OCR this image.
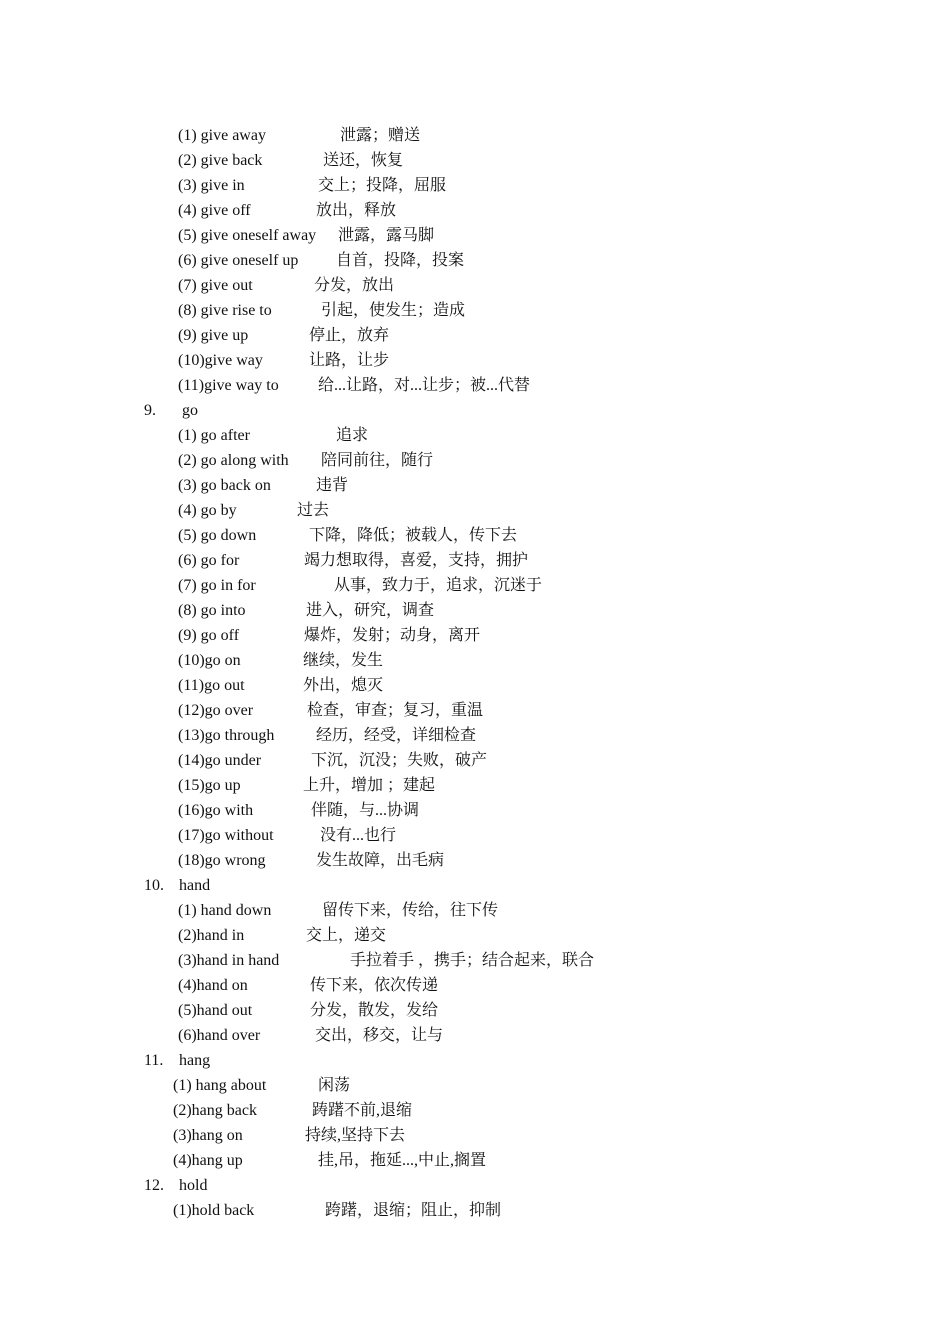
(1) give away	泄露；赠送
(2) give back	送还，恢复
(3) give in	交上；投降，屈服
(4) give off	放出，释放
(5) give oneself away 泄露，露马脚
(6) give oneself up 自首，投降，投案
(7) give out	分发，放出
(8) give rise to	引起，使发生；造成
(9) give up	停止，放弃
(10)give way	让路，让步
(11)give way to 给...让路，对...让步；被...代替
9. go
(1) go after	追求
(2) go along with 陪同前往，随行
(3) go back on	违背
(4) go by	过去
(5) go down	下降，降低；被载人，传下去
(6) go for	竭力想取得，喜爱，支持，拥护
(7) go in for	从事，致力于，追求，沉迷于
(8) go into	进入，研究，调查
(9) go off	爆炸，发射；动身，离开
(10)go on	继续，发生
(11)go out	外出，熄灭
(12)go over	检查，审查；复习，重温
(13)go through	经历，经受，详细检查
(14)go under	下沉，沉没；失败，破产
(15)go up	上升，增加 ；建起
(16)go with	伴随，与...协调
(17)go without	没有...也行
(18)go wrong	发生故障，出毛病
10. hand
(1) hand down	留传下来，传给，往下传
(2)hand in	交上，递交
(3)hand in hand	手拉着手 ，携手；结合起来，联合
(4)hand on	传下来，依次传递
(5)hand out	分发，散发，发给
(6)hand over	交出，移交，让与
11. hang
(1) hang about	闲荡
(2)hang back	踌躇不前,退缩
(3)hang on	持续,坚持下去
(4)hang up	挂,吊，拖延...,中止,搁置
12. hold
(1)hold back	跨躇，退缩；阻止，抑制
